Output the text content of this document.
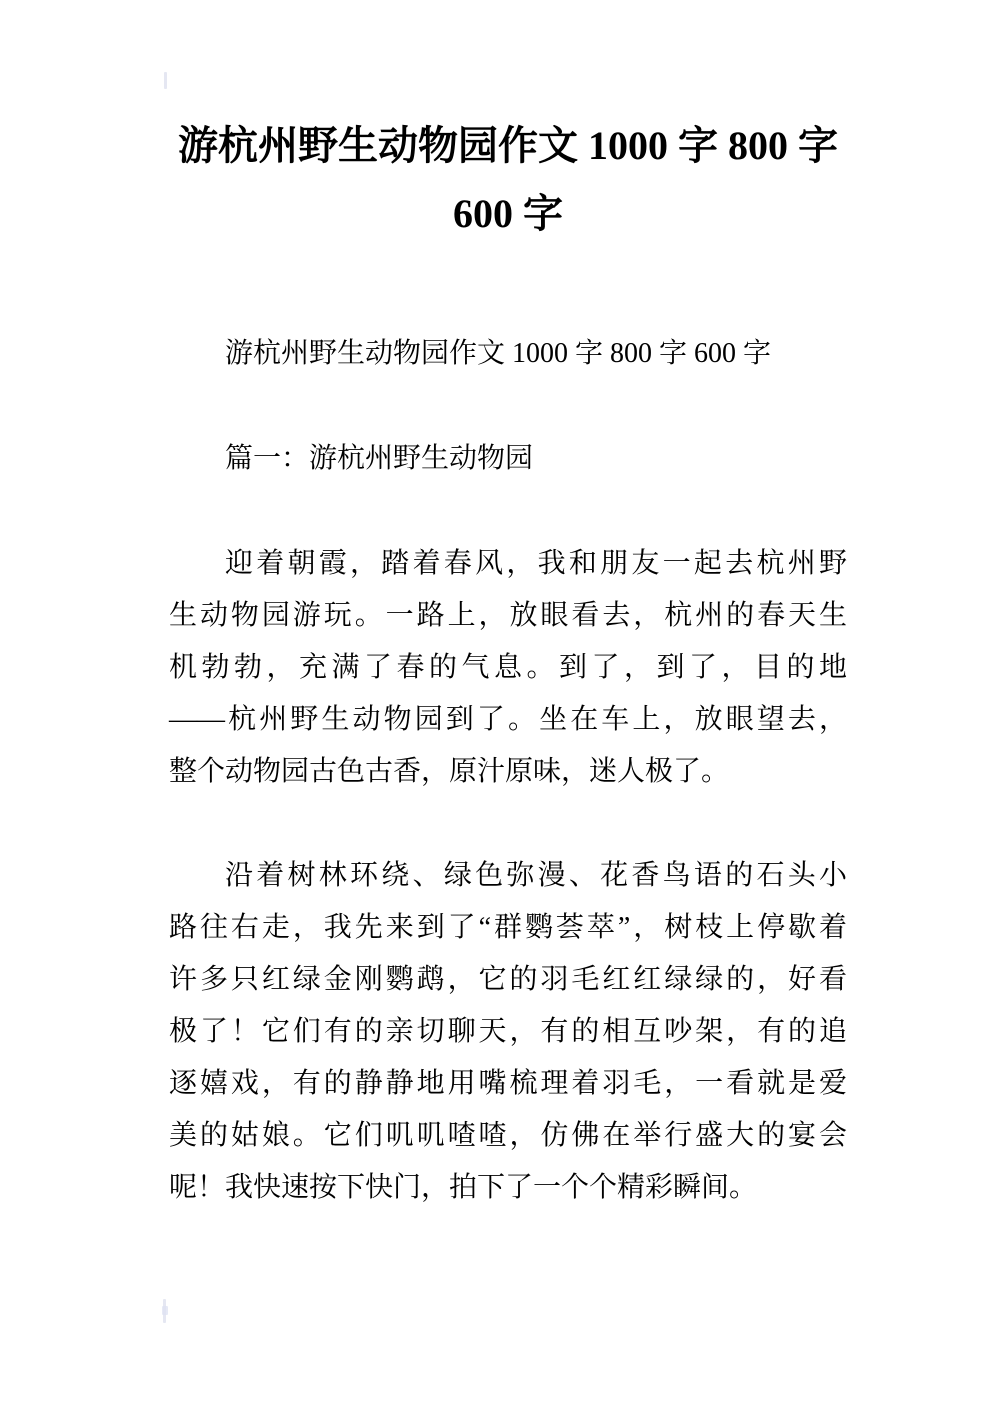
游杭州野生动物园作文 1000 字 800 字
600 字
游杭州野生动物园作文 1000 字 800 字 600 字
篇一：游杭州野生动物园
迎着朝霞，踏着春风，我和朋友一起去杭州野
生动物园游玩。一路上，放眼看去，杭州的春天生
机勃勃，充满了春的气息。到了，到了，目的地
——杭州野生动物园到了。坐在车上，放眼望去，
整个动物园古色古香，原汁原味，迷人极了。
沿着树林环绕、绿色弥漫、花香鸟语的石头小
路往右走，我先来到了“群鹦荟萃”，树枝上停歇着
许多只红绿金刚鹦鹉，它的羽毛红红绿绿的，好看
极了！它们有的亲切聊天，有的相互吵架，有的追
逐嬉戏，有的静静地用嘴梳理着羽毛，一看就是爱
美的姑娘。它们叽叽喳喳，仿佛在举行盛大的宴会
呢！我快速按下快门，拍下了一个个精彩瞬间。
